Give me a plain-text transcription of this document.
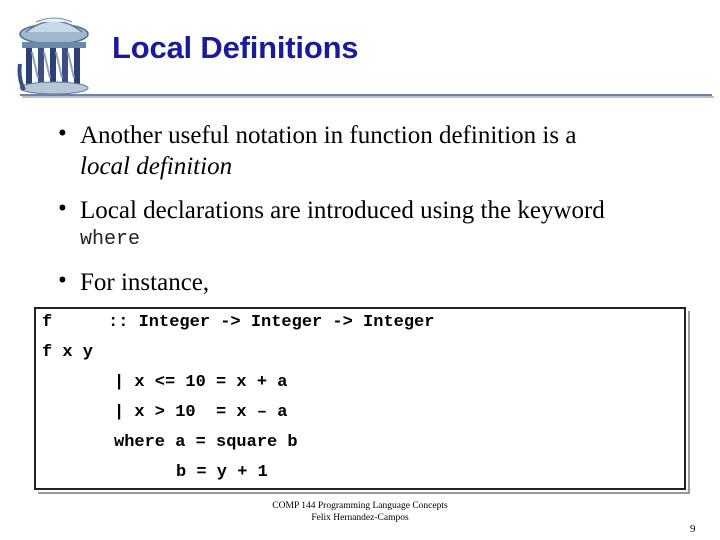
Local Definitions
• Another useful notation in function definition is a
local definition
• Local declarations are introduced using the keyword
where
• For instance,
f	:: Integer -> Integer -> Integer
f x y
| x <= 10 = x + a
| x > 10  = x – a
where a = square b
b = y + 1
COMP 144 Programming Language Concepts
Felix Hernandez-Campos
9
